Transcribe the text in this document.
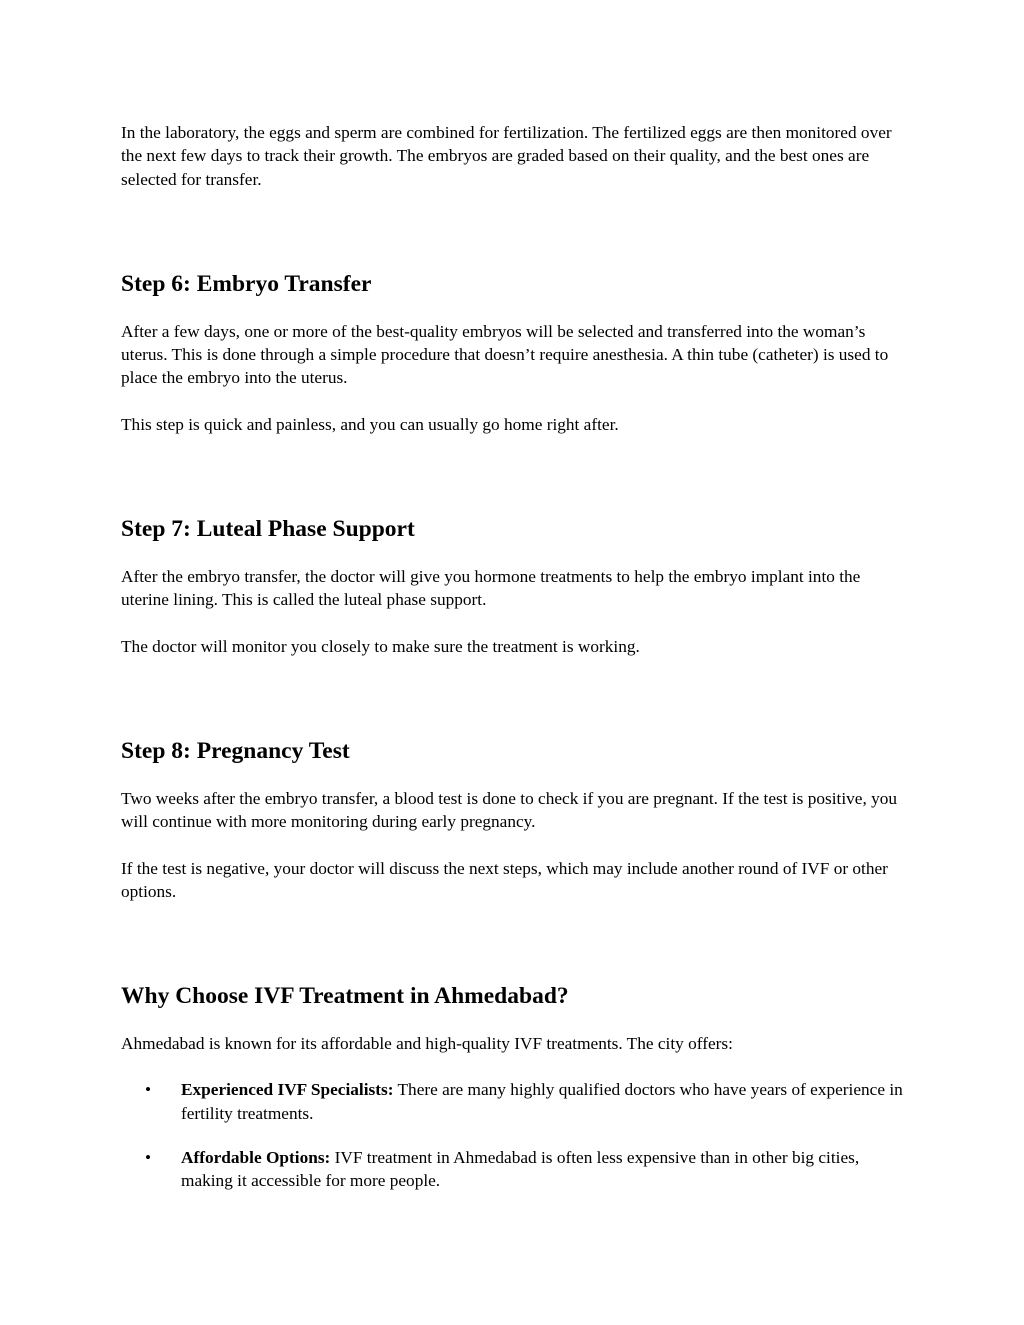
In the laboratory, the eggs and sperm are combined for fertilization. The fertilized eggs are then monitored over the next few days to track their growth. The embryos are graded based on their quality, and the best ones are selected for transfer.

Step 6: Embryo Transfer

After a few days, one or more of the best-quality embryos will be selected and transferred into the woman’s uterus. This is done through a simple procedure that doesn’t require anesthesia. A thin tube (catheter) is used to place the embryo into the uterus.

This step is quick and painless, and you can usually go home right after.

Step 7: Luteal Phase Support

After the embryo transfer, the doctor will give you hormone treatments to help the embryo implant into the uterine lining. This is called the luteal phase support.

The doctor will monitor you closely to make sure the treatment is working.

Step 8: Pregnancy Test

Two weeks after the embryo transfer, a blood test is done to check if you are pregnant. If the test is positive, you will continue with more monitoring during early pregnancy.

If the test is negative, your doctor will discuss the next steps, which may include another round of IVF or other options.

Why Choose IVF Treatment in Ahmedabad?

Ahmedabad is known for its affordable and high-quality IVF treatments. The city offers:

• Experienced IVF Specialists: There are many highly qualified doctors who have years of experience in fertility treatments.
• Affordable Options: IVF treatment in Ahmedabad is often less expensive than in other big cities, making it accessible for more people.
